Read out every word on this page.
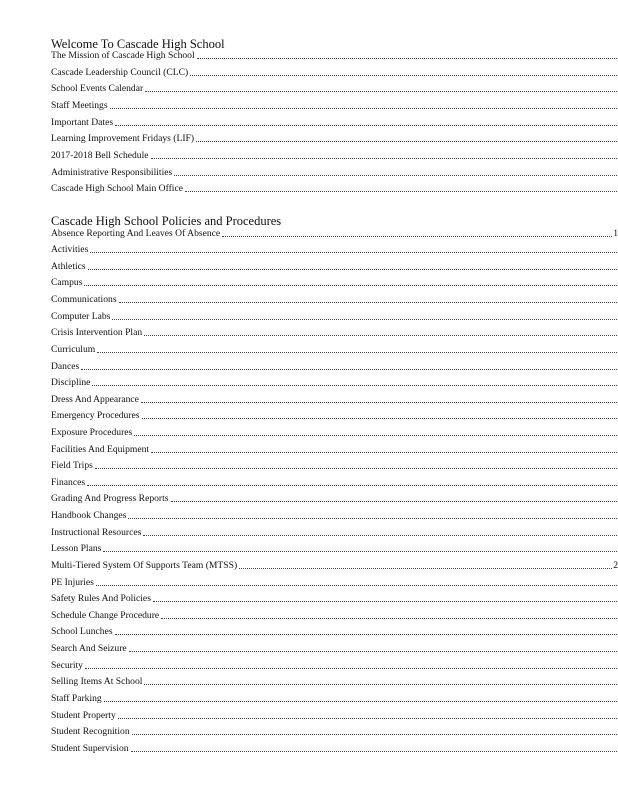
Welcome To Cascade High School
The Mission of Cascade High School
Cascade Leadership Council (CLC)
School Events Calendar
Staff Meetings
Important Dates
Learning Improvement Fridays (LIF)
2017-2018 Bell Schedule
Administrative Responsibilities
Cascade High School Main Office
Cascade High School Policies and Procedures
Absence Reporting And Leaves Of Absence	1
Activities
Athletics
Campus
Communications
Computer Labs
Crisis Intervention Plan
Curriculum
Dances
Discipline
Dress And Appearance
Emergency Procedures
Exposure Procedures
Facilities And Equipment
Field Trips
Finances
Grading And Progress Reports
Handbook Changes
Instructional Resources
Lesson Plans
Multi-Tiered System Of Supports Team (MTSS)	2
PE Injuries
Safety Rules And Policies
Schedule Change Procedure
School Lunches
Search And Seizure
Security
Selling Items At School
Staff Parking
Student Property
Student Recognition
Student Supervision
